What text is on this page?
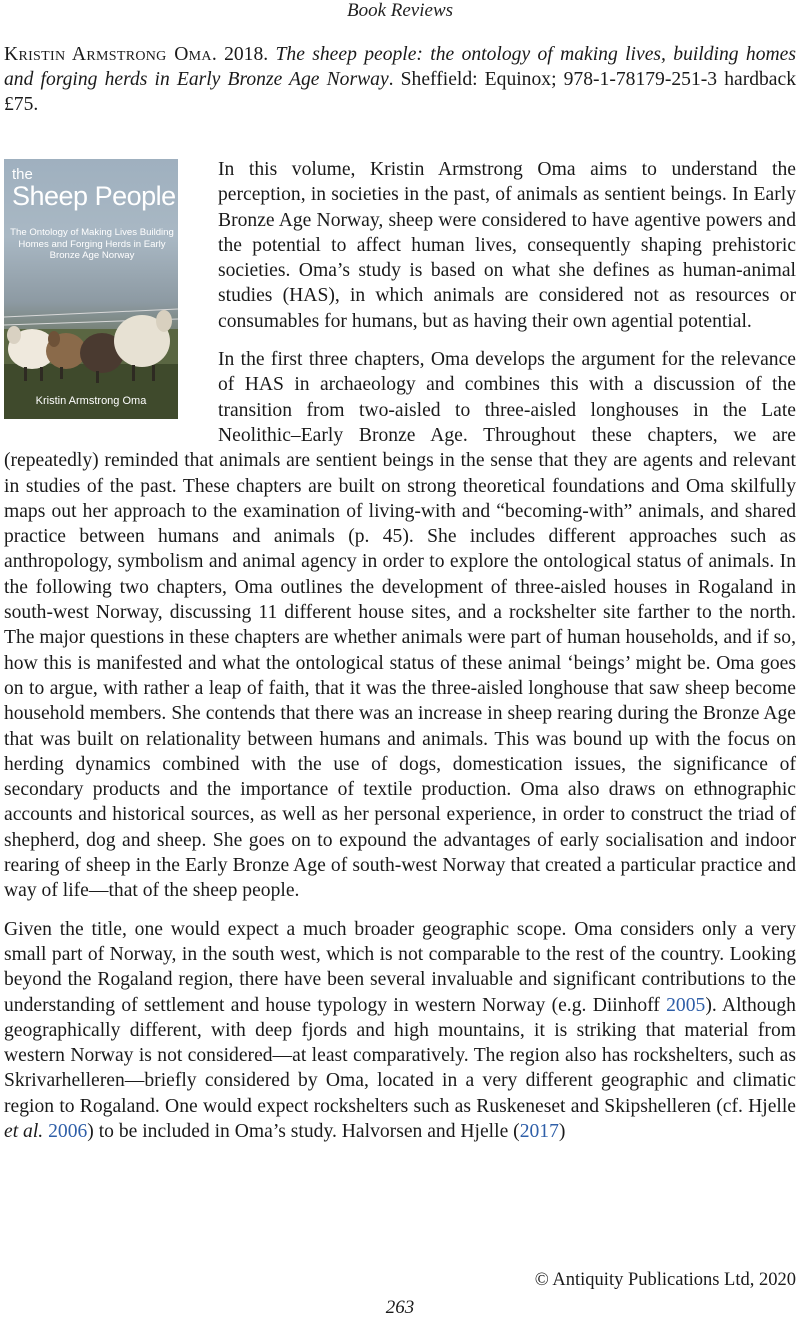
Book Reviews
Kristin Armstrong Oma. 2018. The sheep people: the ontology of making lives, building homes and forging herds in Early Bronze Age Norway. Sheffield: Equinox; 978-1-78179-251-3 hardback £75.
the
Sheep People
The Ontology of Making Lives Building Homes and Forging Herds in Early Bronze Age Norway
Kristin Armstrong Oma

In this volume, Kristin Armstrong Oma aims to understand the perception, in societies in the past, of animals as sentient beings. In Early Bronze Age Norway, sheep were considered to have agentive powers and the potential to affect human lives, consequently shaping prehistoric societies. Oma’s study is based on what she defines as human-animal studies (HAS), in which animals are considered not as resources or consumables for humans, but as having their own agential potential.

In the first three chapters, Oma develops the argument for the relevance of HAS in archaeology and combines this with a discussion of the transition from two-aisled to three-aisled longhouses in the Late Neolithic–Early Bronze Age. Throughout these chapters, we are (repeatedly) reminded that animals are sentient beings in the sense that they are agents and relevant in studies of the past. These chapters are built on strong theoretical foundations and Oma skilfully maps out her approach to the examination of living-with and “becoming-with” animals, and shared practice between humans and animals (p. 45). She includes different approaches such as anthropology, symbolism and animal agency in order to explore the ontological status of animals. In the following two chapters, Oma outlines the development of three-aisled houses in Rogaland in south-west Norway, discussing 11 different house sites, and a rockshelter site farther to the north. The major questions in these chapters are whether animals were part of human households, and if so, how this is manifested and what the ontological status of these animal ‘beings’ might be. Oma goes on to argue, with rather a leap of faith, that it was the three-aisled longhouse that saw sheep become household members. She contends that there was an increase in sheep rearing during the Bronze Age that was built on relationality between humans and animals. This was bound up with the focus on herding dynamics combined with the use of dogs, domestication issues, the significance of secondary products and the importance of textile production. Oma also draws on ethnographic accounts and historical sources, as well as her personal experience, in order to construct the triad of shepherd, dog and sheep. She goes on to expound the advantages of early socialisation and indoor rearing of sheep in the Early Bronze Age of south-west Norway that created a particular practice and way of life—that of the sheep people.

Given the title, one would expect a much broader geographic scope. Oma considers only a very small part of Norway, in the south west, which is not comparable to the rest of the country. Looking beyond the Rogaland region, there have been several invaluable and significant contributions to the understanding of settlement and house typology in western Norway (e.g. Diinhoff 2005). Although geographically different, with deep fjords and high mountains, it is striking that material from western Norway is not considered—at least comparatively. The region also has rockshelters, such as Skrivarhelleren—briefly considered by Oma, located in a very different geographic and climatic region to Rogaland. One would expect rockshelters such as Ruskeneset and Skipshelleren (cf. Hjelle et al. 2006) to be included in Oma’s study. Halvorsen and Hjelle (2017)

© Antiquity Publications Ltd, 2020
263
